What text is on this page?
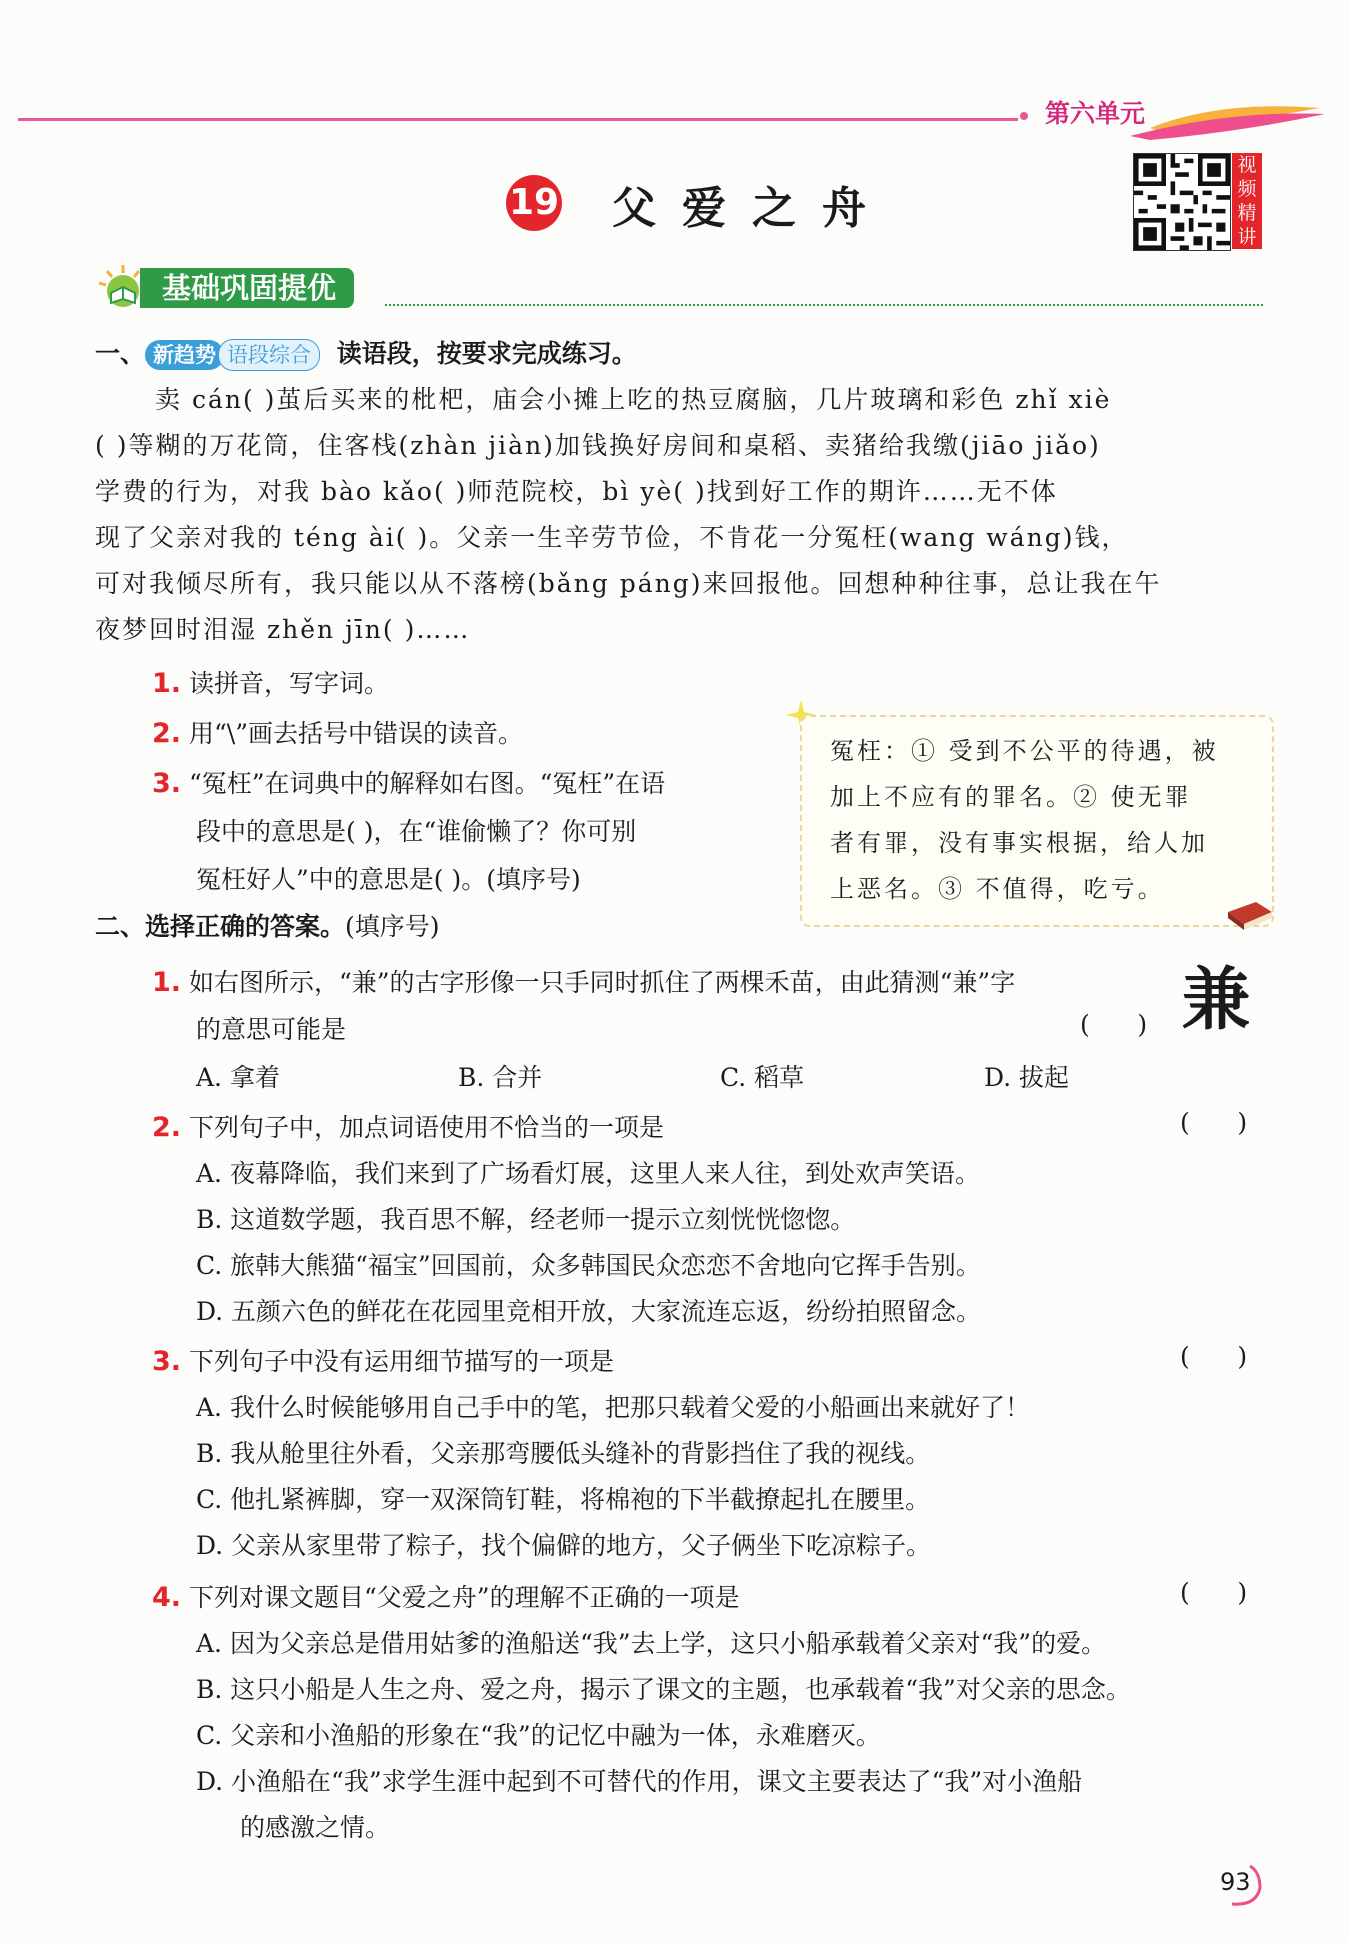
第六单元
19 父爱之舟
视频精讲
基础巩固提优
一、 新趋势 语段综合 读语段，按要求完成练习。
卖 cán( )茧后买来的枇杷，庙会小摊上吃的热豆腐脑，几片玻璃和彩色 zhǐ xiè
( )等糊的万花筒，住客栈(zhàn jiàn)加钱换好房间和桌稻、卖猪给我缴(jiāo jiǎo)
学费的行为，对我 bào kǎo( )师范院校，bì yè( )找到好工作的期许……无不体
现了父亲对我的 téng ài( )。父亲一生辛劳节俭，不肯花一分冤枉(wang wáng)钱，
可对我倾尽所有，我只能以从不落榜(bǎng páng)来回报他。回想种种往事，总让我在午
夜梦回时泪湿 zhěn jīn( )……
1. 读拼音，写字词。
2. 用“\”画去括号中错误的读音。
3. “冤枉”在词典中的解释如右图。“冤枉”在语
段中的意思是( )，在“谁偷懒了？你可别
冤枉好人”中的意思是( )。(填序号)
冤枉：① 受到不公平的待遇，被
加上不应有的罪名。② 使无罪
者有罪，没有事实根据，给人加
上恶名。③ 不值得，吃亏。
二、选择正确的答案。(填序号)
1. 如右图所示，“兼”的古字形像一只手同时抓住了两棵禾苗，由此猜测“兼”字
的意思可能是	(      ) 兼
A. 拿着	B. 合并	C. 稻草	D. 拔起
2. 下列句子中，加点词语使用不恰当的一项是	(      )
A. 夜幕降临，我们来到了广场看灯展，这里人来人往，到处欢声笑语。
B. 这道数学题，我百思不解，经老师一提示立刻恍恍惚惚。
C. 旅韩大熊猫“福宝”回国前，众多韩国民众恋恋不舍地向它挥手告别。
D. 五颜六色的鲜花在花园里竞相开放，大家流连忘返，纷纷拍照留念。
3. 下列句子中没有运用细节描写的一项是	(      )
A. 我什么时候能够用自己手中的笔，把那只载着父爱的小船画出来就好了！
B. 我从舱里往外看，父亲那弯腰低头缝补的背影挡住了我的视线。
C. 他扎紧裤脚，穿一双深筒钉鞋，将棉袍的下半截撩起扎在腰里。
D. 父亲从家里带了粽子，找个偏僻的地方，父子俩坐下吃凉粽子。
4. 下列对课文题目“父爱之舟”的理解不正确的一项是	(      )
A. 因为父亲总是借用姑爹的渔船送“我”去上学，这只小船承载着父亲对“我”的爱。
B. 这只小船是人生之舟、爱之舟，揭示了课文的主题，也承载着“我”对父亲的思念。
C. 父亲和小渔船的形象在“我”的记忆中融为一体，永难磨灭。
D. 小渔船在“我”求学生涯中起到不可替代的作用，课文主要表达了“我”对小渔船
的感激之情。
93
